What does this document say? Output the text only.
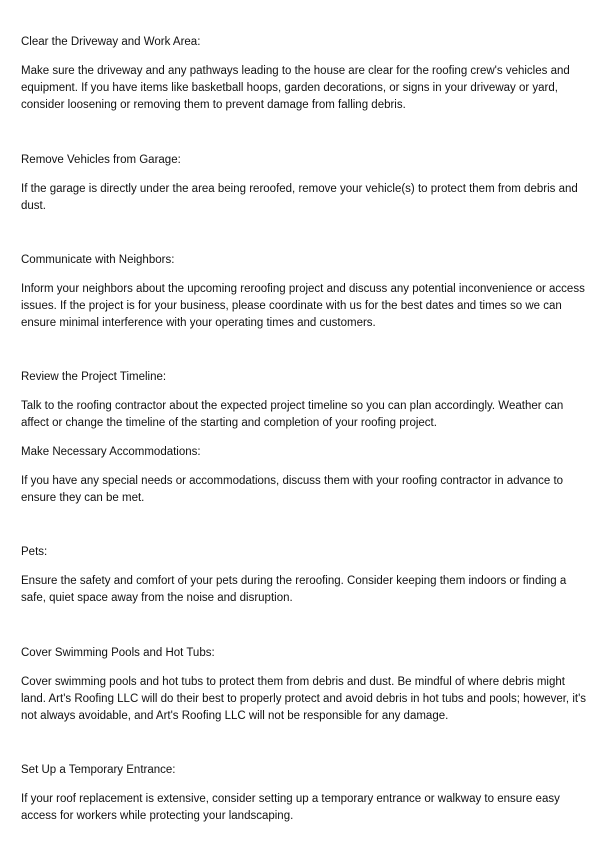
Clear the Driveway and Work Area:

Make sure the driveway and any pathways leading to the house are clear for the roofing crew's vehicles and equipment. If you have items like basketball hoops, garden decorations, or signs in your driveway or yard, consider loosening or removing them to prevent damage from falling debris.

Remove Vehicles from Garage:

If the garage is directly under the area being reroofed, remove your vehicle(s) to protect them from debris and dust.

Communicate with Neighbors:

Inform your neighbors about the upcoming reroofing project and discuss any potential inconvenience or access issues. If the project is for your business, please coordinate with us for the best dates and times so we can ensure minimal interference with your operating times and customers.

Review the Project Timeline:

Talk to the roofing contractor about the expected project timeline so you can plan accordingly. Weather can affect or change the timeline of the starting and completion of your roofing project.

Make Necessary Accommodations:

If you have any special needs or accommodations, discuss them with your roofing contractor in advance to ensure they can be met.

Pets:

Ensure the safety and comfort of your pets during the reroofing. Consider keeping them indoors or finding a safe, quiet space away from the noise and disruption.

Cover Swimming Pools and Hot Tubs:

Cover swimming pools and hot tubs to protect them from debris and dust. Be mindful of where debris might land. Art's Roofing LLC will do their best to properly protect and avoid debris in hot tubs and pools; however, it's not always avoidable, and Art's Roofing LLC will not be responsible for any damage.

Set Up a Temporary Entrance:

If your roof replacement is extensive, consider setting up a temporary entrance or walkway to ensure easy access for workers while protecting your landscaping.
